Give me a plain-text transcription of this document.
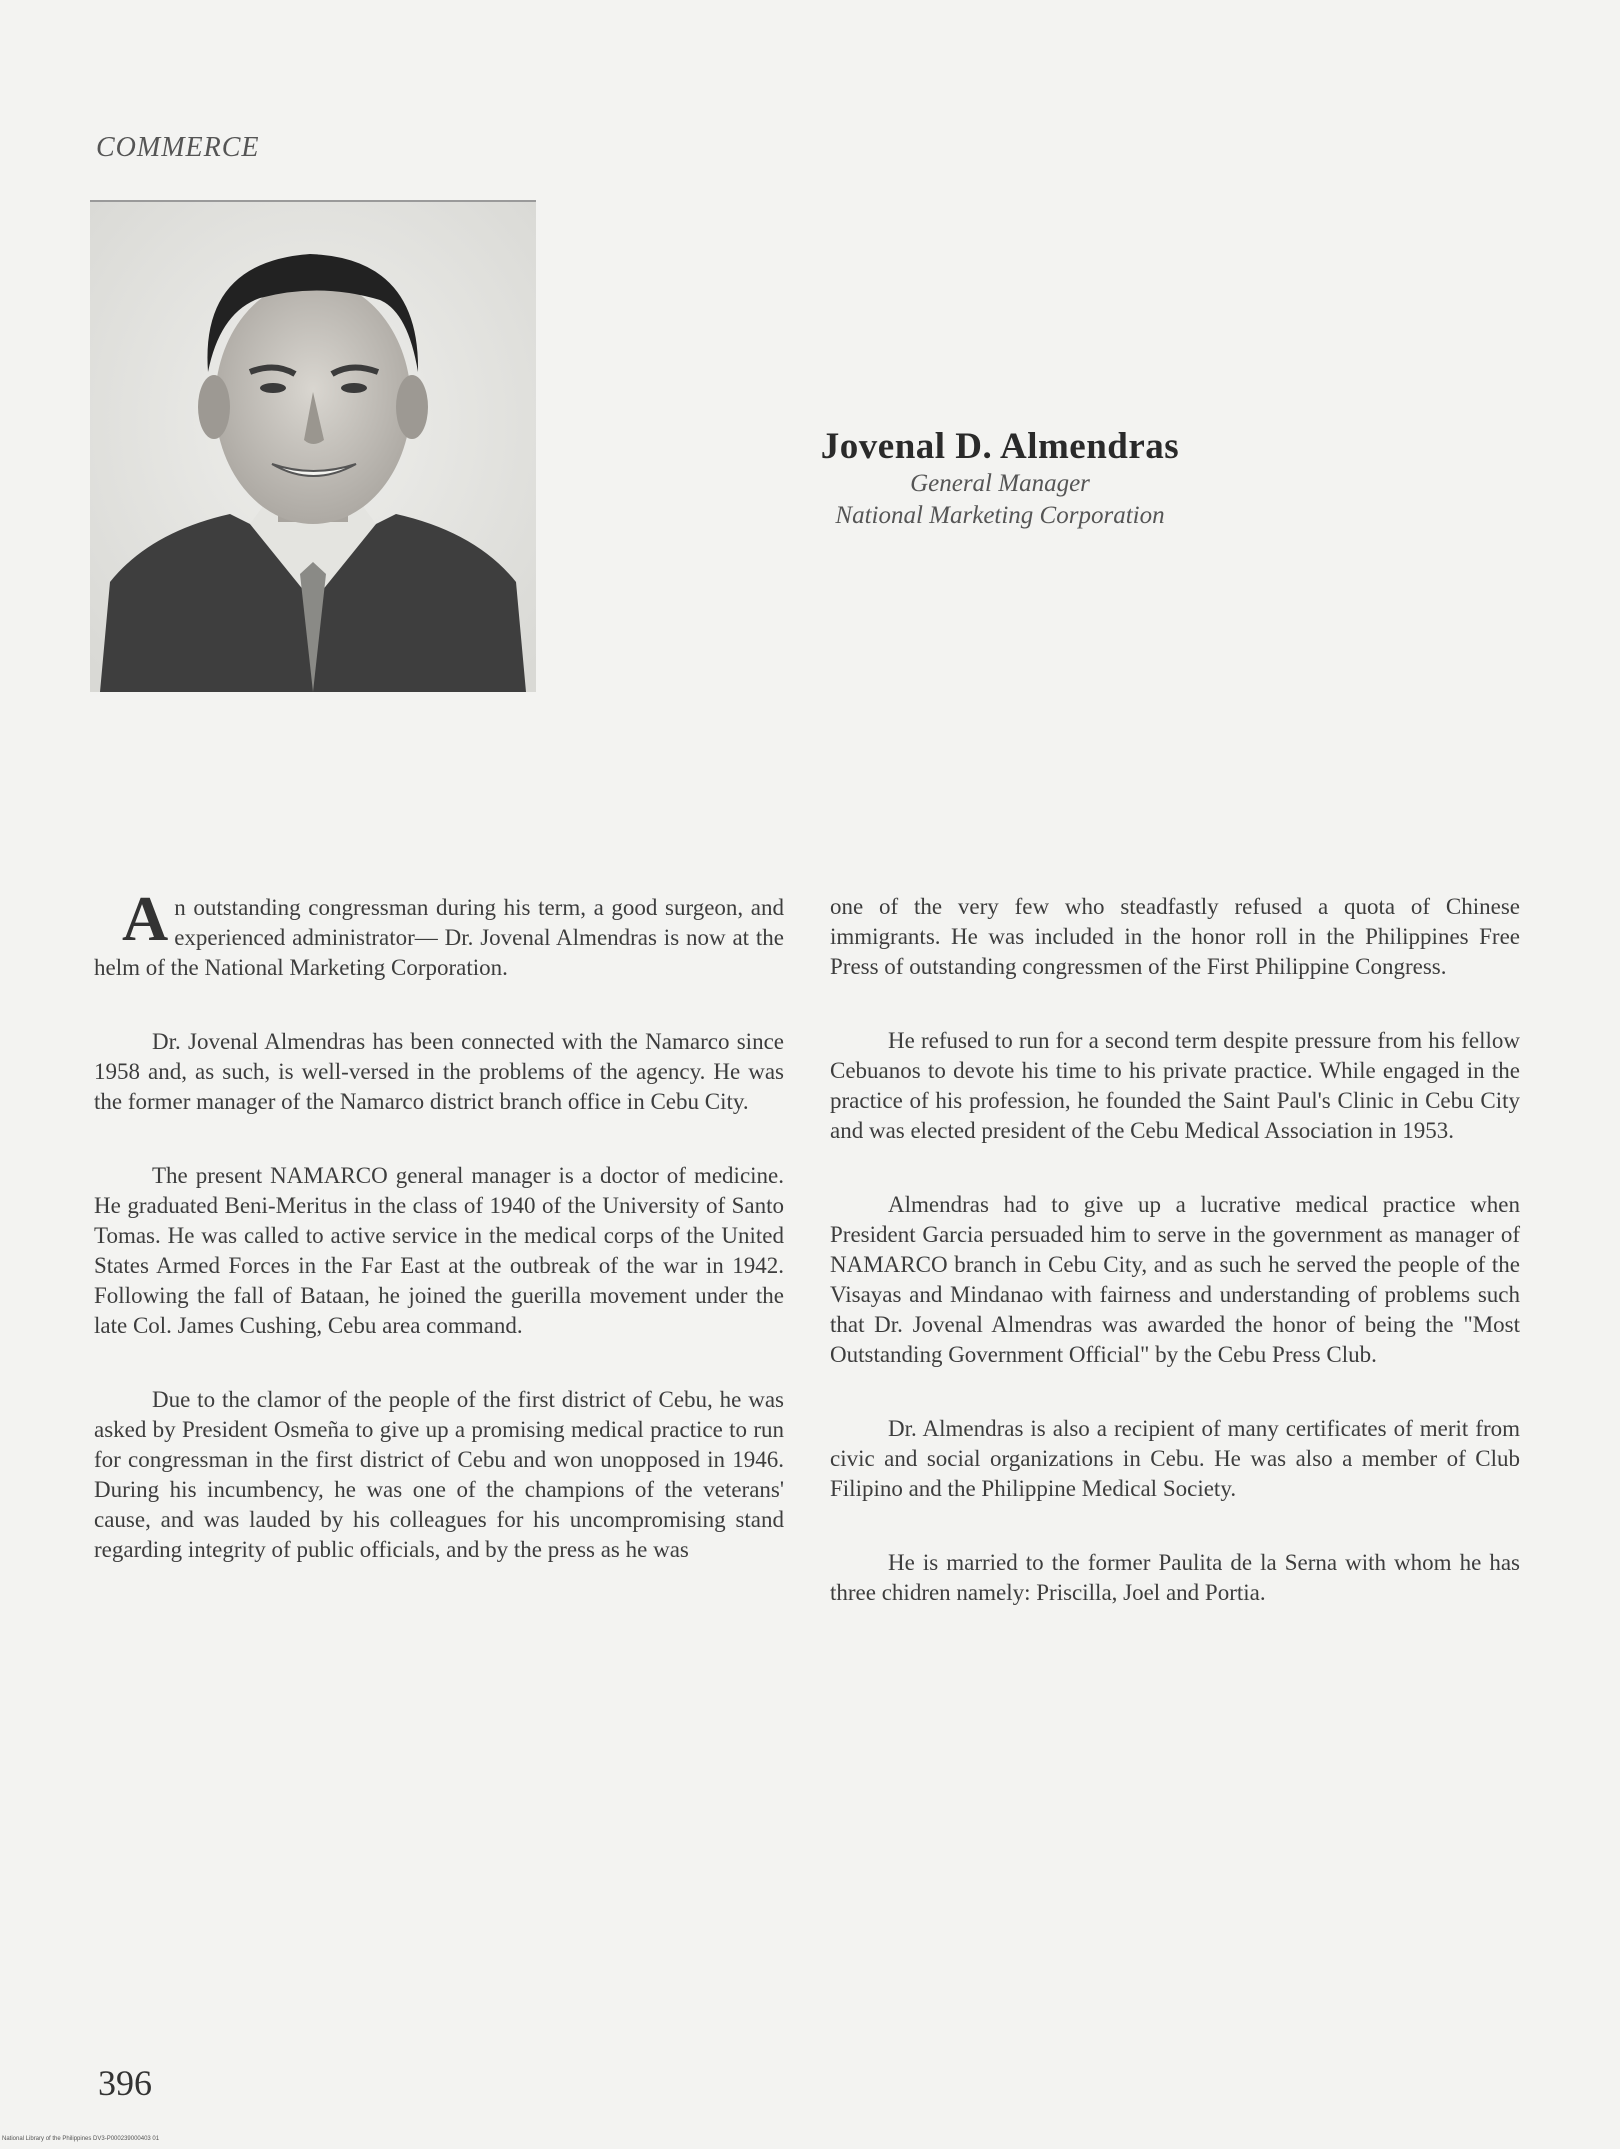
COMMERCE
Jovenal D. Almendras
General Manager
National Marketing Corporation

An outstanding congressman during his term, a good surgeon, and experienced administrator— Dr. Jovenal Almendras is now at the helm of the National Marketing Corporation.

Dr. Jovenal Almendras has been connected with the Namarco since 1958 and, as such, is well-versed in the problems of the agency. He was the former manager of the Namarco district branch office in Cebu City.

The present NAMARCO general manager is a doctor of medicine. He graduated Beni-Meritus in the class of 1940 of the University of Santo Tomas. He was called to active service in the medical corps of the United States Armed Forces in the Far East at the outbreak of the war in 1942. Following the fall of Bataan, he joined the guerilla movement under the late Col. James Cushing, Cebu area command.

Due to the clamor of the people of the first district of Cebu, he was asked by President Osmeña to give up a promising medical practice to run for congressman in the first district of Cebu and won unopposed in 1946. During his incumbency, he was one of the champions of the veterans' cause, and was lauded by his colleagues for his uncompromising stand regarding integrity of public officials, and by the press as he was

one of the very few who steadfastly refused a quota of Chinese immigrants. He was included in the honor roll in the Philippines Free Press of outstanding congressmen of the First Philippine Congress.

He refused to run for a second term despite pressure from his fellow Cebuanos to devote his time to his private practice. While engaged in the practice of his profession, he founded the Saint Paul's Clinic in Cebu City and was elected president of the Cebu Medical Association in 1953.

Almendras had to give up a lucrative medical practice when President Garcia persuaded him to serve in the government as manager of NAMARCO branch in Cebu City, and as such he served the people of the Visayas and Mindanao with fairness and understanding of problems such that Dr. Jovenal Almendras was awarded the honor of being the "Most Outstanding Government Official" by the Cebu Press Club.

Dr. Almendras is also a recipient of many certificates of merit from civic and social organizations in Cebu. He was also a member of Club Filipino and the Philippine Medical Society.

He is married to the former Paulita de la Serna with whom he has three chidren namely: Priscilla, Joel and Portia.

396
National Library of the Philippines DV3-P000239000403 01
